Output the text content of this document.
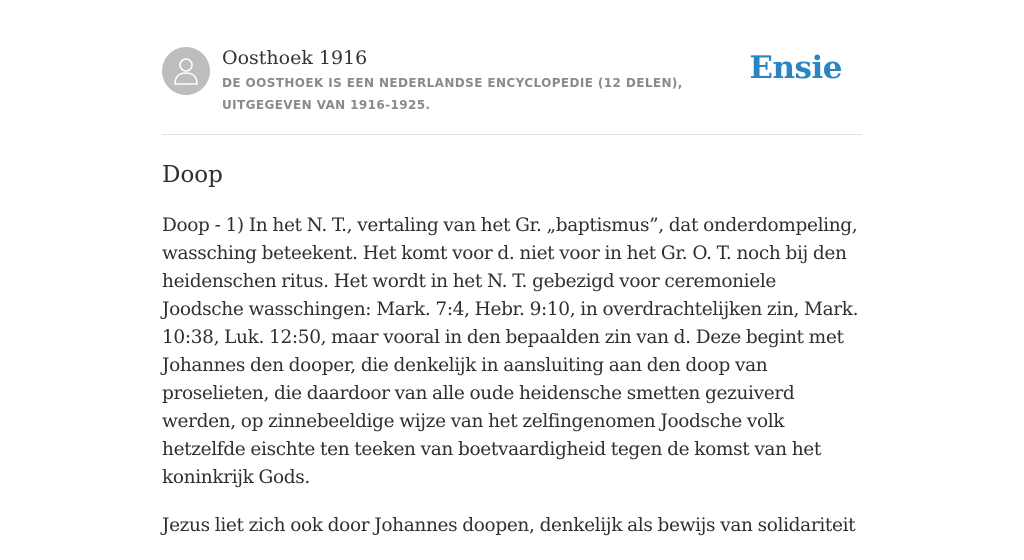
Oosthoek 1916

DE OOSTHOEK IS EEN NEDERLANDSE ENCYCLOPEDIE (12 DELEN), UITGEGEVEN VAN 1916-1925.

Ensie
Doop

Doop - 1) In het N. T., vertaling van het Gr. „baptismus”, dat onderdompeling, wassching beteekent. Het komt voor d. niet voor in het Gr. O. T. noch bij den heidenschen ritus. Het wordt in het N. T. gebezigd voor ceremoniele Joodsche wasschingen: Mark. 7:4, Hebr. 9:10, in overdrachtelijken zin, Mark. 10:38, Luk. 12:50, maar vooral in den bepaalden zin van d. Deze begint met Johannes den dooper, die denkelijk in aansluiting aan den doop van proselieten, die daardoor van alle oude heidensche smetten gezuiverd werden, op zinnebeeldige wijze van het zelfingenomen Joodsche volk hetzelfde eischte ten teeken van boetvaardigheid tegen de komst van het koninkrijk Gods.

Jezus liet zich ook door Johannes doopen, denkelijk als bewijs van solidariteit
